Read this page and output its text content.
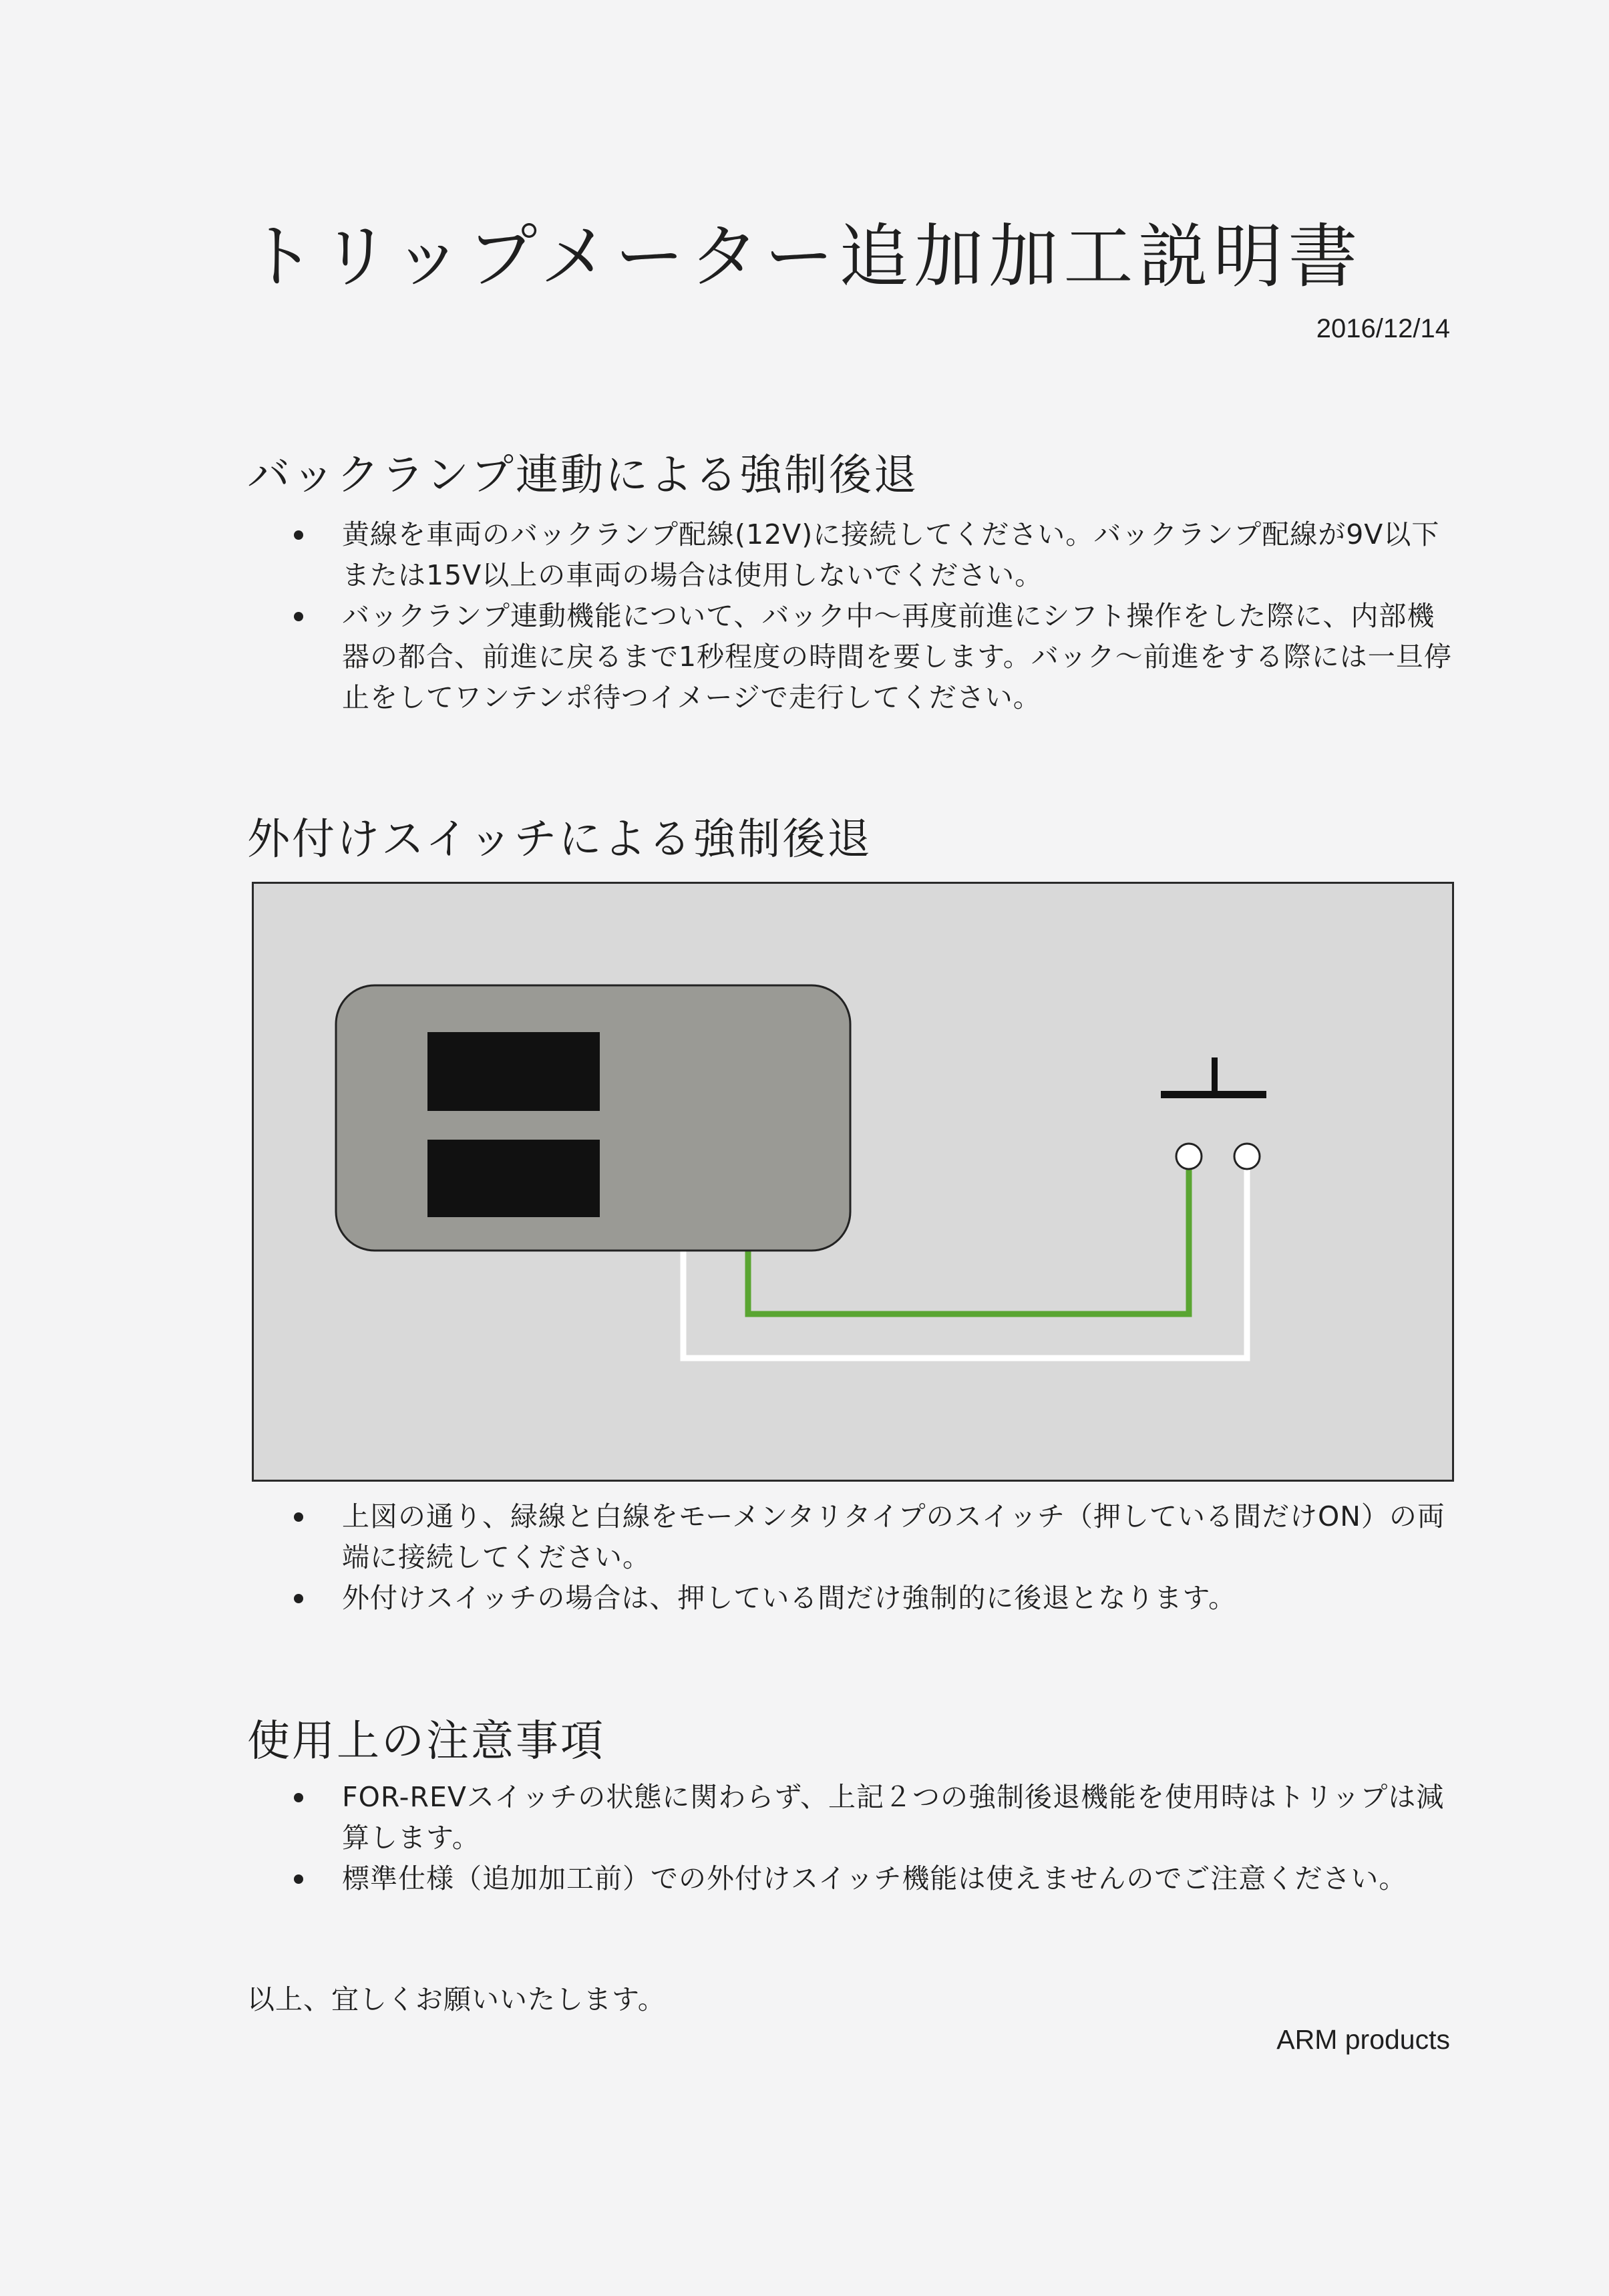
トリップメーター追加加工説明書
2016/12/14
バックランプ連動による強制後退
黄線を車両のバックランプ配線(12V)に接続してください。バックランプ配線が9V以下または15V以上の車両の場合は使用しないでください。
バックランプ連動機能について、バック中～再度前進にシフト操作をした際に、内部機器の都合、前進に戻るまで1秒程度の時間を要します。バック～前進をする際には一旦停止をしてワンテンポ待つイメージで走行してください。
外付けスイッチによる強制後退
上図の通り、緑線と白線をモーメンタリタイプのスイッチ（押している間だけON）の両端に接続してください。
外付けスイッチの場合は、押している間だけ強制的に後退となります。
使用上の注意事項
FOR-REVスイッチの状態に関わらず、上記２つの強制後退機能を使用時はトリップは減算します。
標準仕様（追加加工前）での外付けスイッチ機能は使えませんのでご注意ください。
以上、宜しくお願いいたします。
ARM products
